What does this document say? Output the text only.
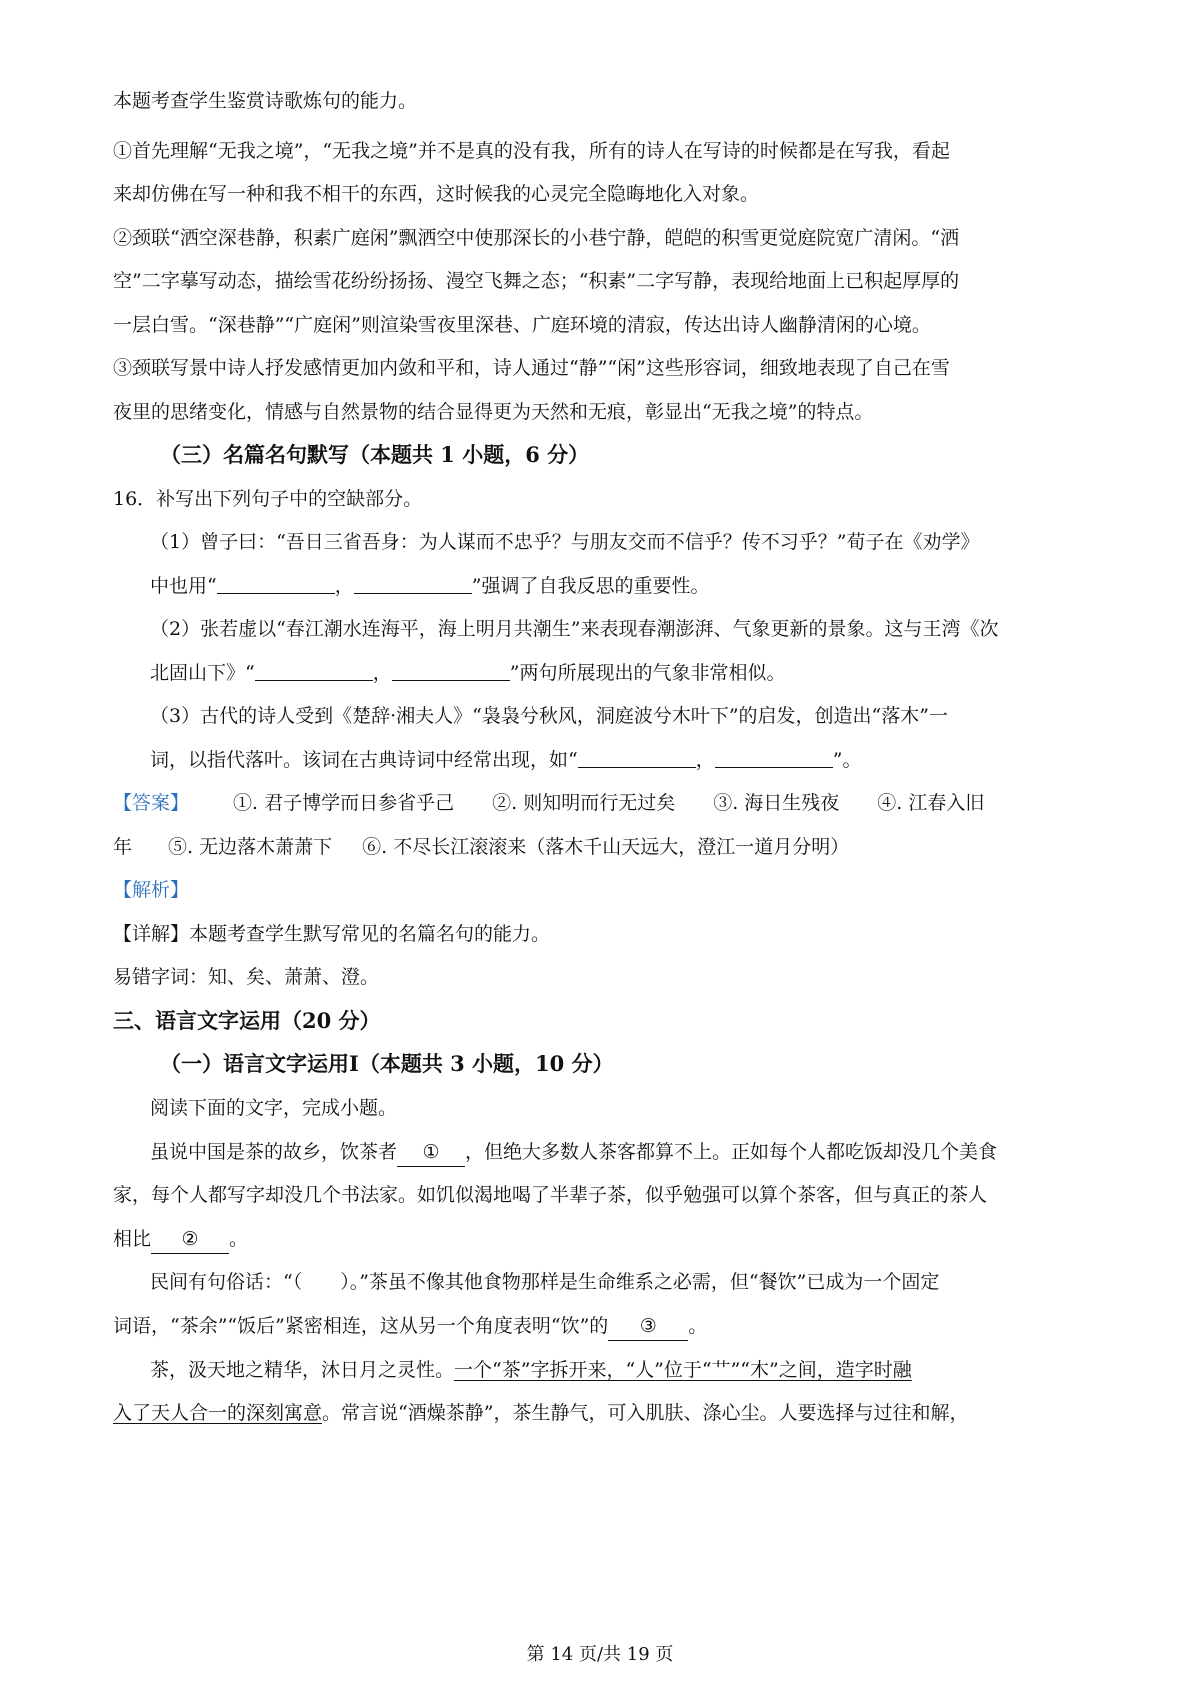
本题考查学生鉴赏诗歌炼句的能力。
①首先理解“无我之境”，“无我之境”并不是真的没有我，所有的诗人在写诗的时候都是在写我，看起
来却仿佛在写一种和我不相干的东西，这时候我的心灵完全隐晦地化入对象。
②颈联“洒空深巷静，积素广庭闲”飘洒空中使那深长的小巷宁静，皑皑的积雪更觉庭院宽广清闲。“洒
空”二字摹写动态，描绘雪花纷纷扬扬、漫空飞舞之态；“积素”二字写静，表现给地面上已积起厚厚的
一层白雪。“深巷静”“广庭闲”则渲染雪夜里深巷、广庭环境的清寂，传达出诗人幽静清闲的心境。
③颈联写景中诗人抒发感情更加内敛和平和，诗人通过“静”“闲”这些形容词，细致地表现了自己在雪
夜里的思绪变化，情感与自然景物的结合显得更为天然和无痕，彰显出“无我之境”的特点。
（三）名篇名句默写（本题共 1 小题，6 分）
16．补写出下列句子中的空缺部分。
（1）曾子曰：“吾日三省吾身：为人谋而不忠乎？与朋友交而不信乎？传不习乎？”荀子在《劝学》
中也用“	，	”强调了自我反思的重要性。
（2）张若虚以“春江潮水连海平，海上明月共潮生”来表现春潮澎湃、气象更新的景象。这与王湾《次
北固山下》“	，	”两句所展现出的气象非常相似。
（3）古代的诗人受到《楚辞·湘夫人》“袅袅兮秋风，洞庭波兮木叶下”的启发，创造出“落木”一
词，以指代落叶。该词在古典诗词中经常出现，如“	，	”。
【答案】 ①. 君子博学而日参省乎己 ②. 则知明而行无过矣 ③. 海日生残夜 ④. 江春入旧
年 ⑤. 无边落木萧萧下 ⑥. 不尽长江滚滚来（落木千山天远大，澄江一道月分明）
【解析】
【详解】本题考查学生默写常见的名篇名句的能力。
易错字词：知、矣、萧萧、澄。
三、语言文字运用（20 分）
（一）语言文字运用Ⅰ（本题共 3 小题，10 分）
阅读下面的文字，完成小题。
虽说中国是茶的故乡，饮茶者 ① ，但绝大多数人茶客都算不上。正如每个人都吃饭却没几个美食
家，每个人都写字却没几个书法家。如饥似渴地喝了半辈子茶，似乎勉强可以算个茶客，但与真正的茶人
相比 ② 。
民间有句俗话：“（　　）。”茶虽不像其他食物那样是生命维系之必需，但“餐饮”已成为一个固定
词语，“茶余”“饭后”紧密相连，这从另一个角度表明“饮”的 ③ 。
茶，汲天地之精华，沐日月之灵性。一个“茶”字拆开来，“人”位于“艹”“木”之间，造字时融
入了天人合一的深刻寓意。常言说“酒燥茶静”，茶生静气，可入肌肤、涤心尘。人要选择与过往和解，
第 14 页/共 19 页
